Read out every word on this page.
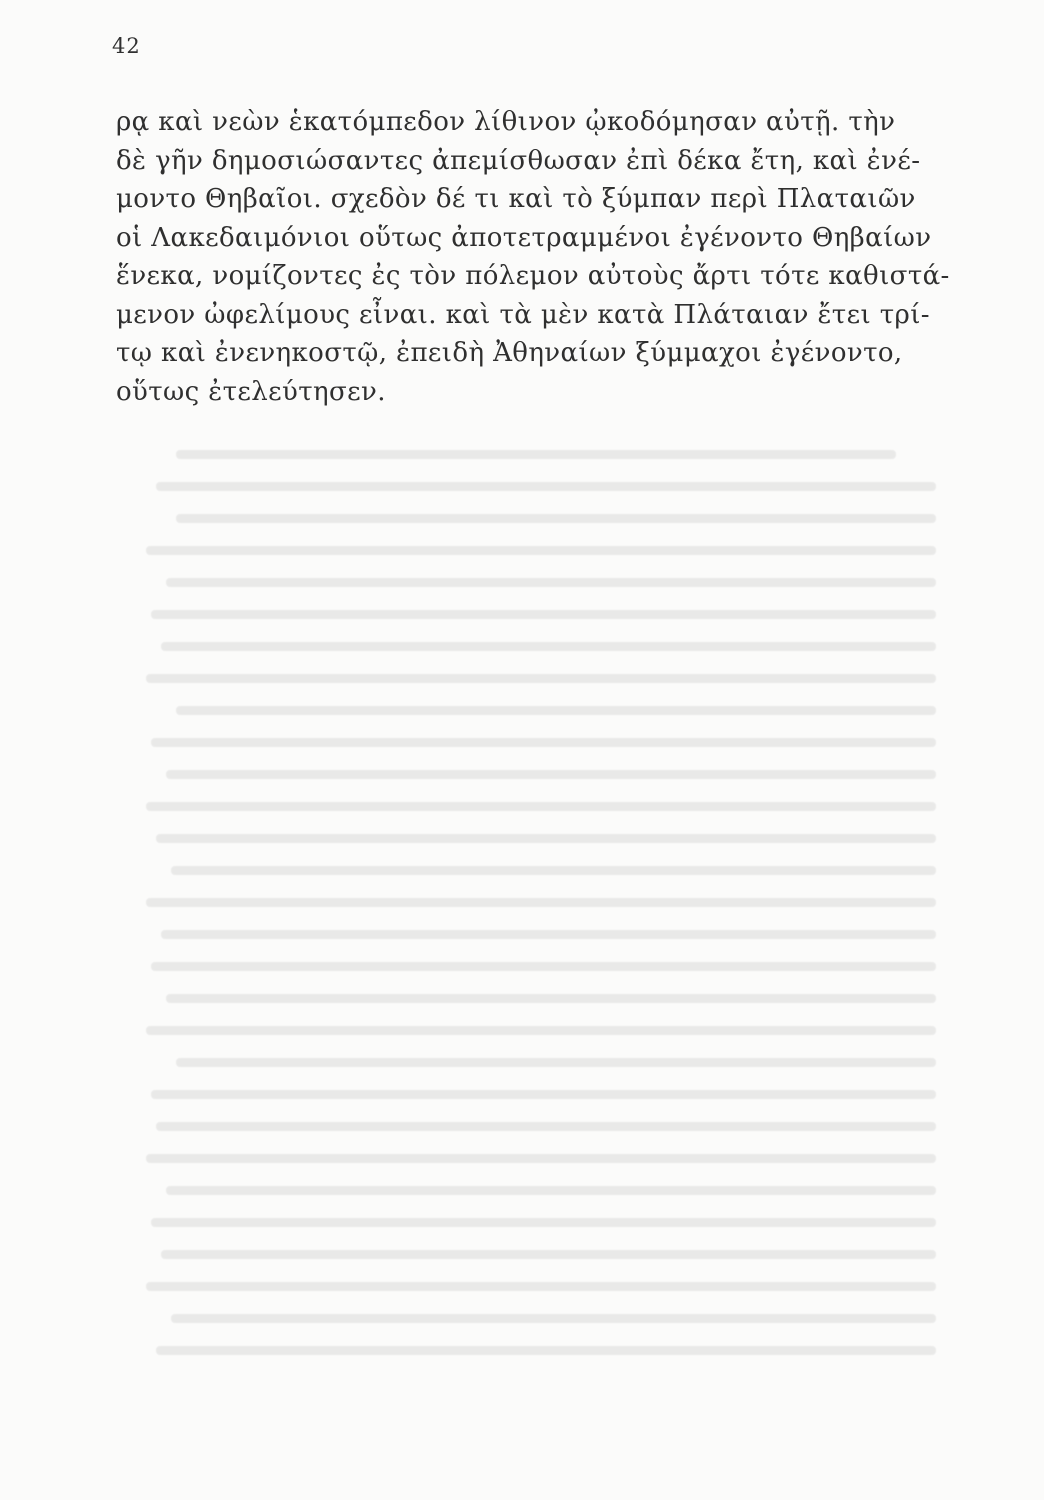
42
ρᾳ καὶ νεὼν ἑκατόμπεδον λίθινον ᾠκοδόμησαν αὐτῇ. τὴν
δὲ γῆν δημοσιώσαντες ἀπεμίσθωσαν ἐπὶ δέκα ἔτη, καὶ ἐνέ-
μοντο Θηβαῖοι. σχεδὸν δέ τι καὶ τὸ ξύμπαν περὶ Πλαταιῶν
οἱ Λακεδαιμόνιοι οὕτως ἀποτετραμμένοι ἐγένοντο Θηβαίων
ἕνεκα, νομίζοντες ἐς τὸν πόλεμον αὐτοὺς ἄρτι τότε καθιστά-
μενον ὠφελίμους εἶναι. καὶ τὰ μὲν κατὰ Πλάταιαν ἔτει τρί-
τῳ καὶ ἐνενηκοστῷ, ἐπειδὴ Ἀθηναίων ξύμμαχοι ἐγένοντο,
οὕτως ἐτελεύτησεν.
